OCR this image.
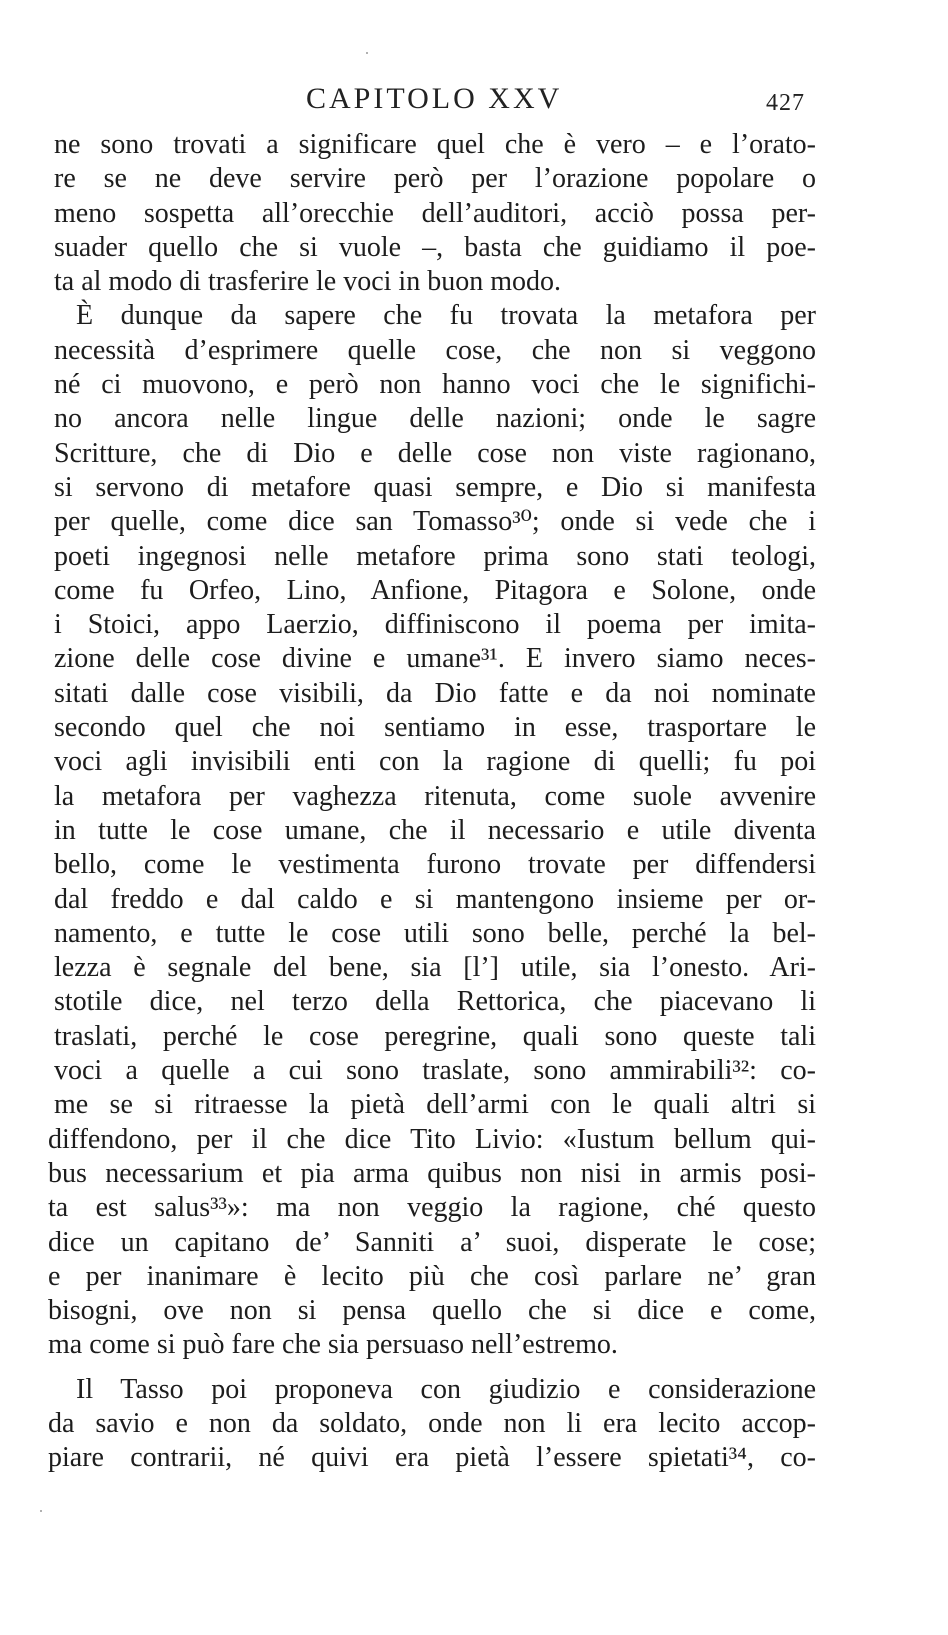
CAPITOLO XXV	427
ne sono trovati a significare quel che è vero – e l’orato-
re se ne deve servire però per l’orazione popolare o
meno sospetta all’orecchie dell’auditori, acciò possa per-
suader quello che si vuole –, basta che guidiamo il poe-
ta al modo di trasferire le voci in buon modo.
È dunque da sapere che fu trovata la metafora per
necessità d’esprimere quelle cose, che non si veggono
né ci muovono, e però non hanno voci che le significhi-
no ancora nelle lingue delle nazioni; onde le sagre
Scritture, che di Dio e delle cose non viste ragionano,
si servono di metafore quasi sempre, e Dio si manifesta
per quelle, come dice san Tomasso³⁰; onde si vede che i
poeti ingegnosi nelle metafore prima sono stati teologi,
come fu Orfeo, Lino, Anfione, Pitagora e Solone, onde
i Stoici, appo Laerzio, diffiniscono il poema per imita-
zione delle cose divine e umane³¹. E invero siamo neces-
sitati dalle cose visibili, da Dio fatte e da noi nominate
secondo quel che noi sentiamo in esse, trasportare le
voci agli invisibili enti con la ragione di quelli; fu poi
la metafora per vaghezza ritenuta, come suole avvenire
in tutte le cose umane, che il necessario e utile diventa
bello, come le vestimenta furono trovate per diffendersi
dal freddo e dal caldo e si mantengono insieme per or-
namento, e tutte le cose utili sono belle, perché la bel-
lezza è segnale del bene, sia [l’] utile, sia l’onesto. Ari-
stotile dice, nel terzo della Rettorica, che piacevano li
traslati, perché le cose peregrine, quali sono queste tali
voci a quelle a cui sono traslate, sono ammirabili³²: co-
me se si ritraesse la pietà dell’armi con le quali altri si
diffendono, per il che dice Tito Livio: «Iustum bellum qui-
bus necessarium et pia arma quibus non nisi in armis posi-
ta est salus³³»: ma non veggio la ragione, ché questo
dice un capitano de’ Sanniti a’ suoi, disperate le cose;
e per inanimare è lecito più che così parlare ne’ gran
bisogni, ove non si pensa quello che si dice e come,
ma come si può fare che sia persuaso nell’estremo.
Il Tasso poi proponeva con giudizio e considerazione
da savio e non da soldato, onde non li era lecito accop-
piare contrarii, né quivi era pietà l’essere spietati³⁴, co-
